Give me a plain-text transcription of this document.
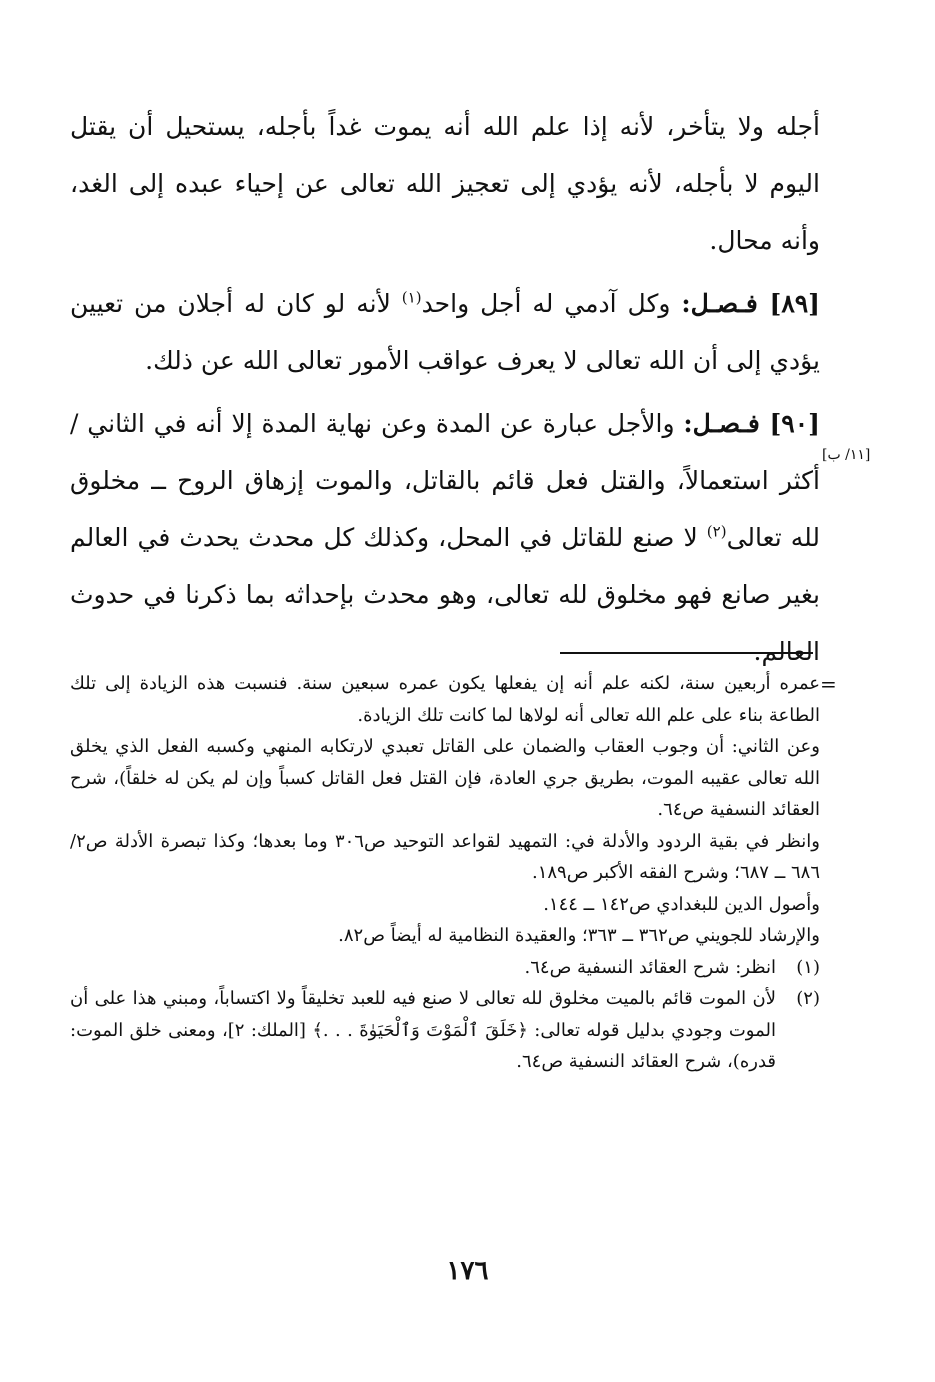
أجله ولا يتأخر، لأنه إذا علم الله أنه يموت غداً بأجله، يستحيل أن يقتل اليوم لا بأجله، لأنه يؤدي إلى تعجيز الله تعالى عن إحياء عبده إلى الغد، وأنه محال.

[٨٩] فـصـل: وكل آدمي له أجل واحد$^{(١)}$ لأنه لو كان له أجلان من تعيين يؤدي إلى أن الله تعالى لا يعرف عواقب الأمور تعالى الله عن ذلك.

[٩٠] فـصـل: والأجل عبارة عن المدة وعن نهاية المدة إلا أنه في الثاني / أكثر استعمالاً، والقتل فعل قائم بالقاتل، والموت إزهاق الروح ــ مخلوق لله تعالى$^{(٢)}$ لا صنع للقاتل في المحل، وكذلك كل محدث يحدث في العالم بغير صانع فهو مخلوق لله تعالى، وهو محدث بإحداثه بما ذكرنا في حدوث العالم.

[١١/ ب]
=

عمره أربعين سنة، لكنه علم أنه إن يفعلها يكون عمره سبعين سنة. فنسبت هذه الزيادة إلى تلك الطاعة بناء على علم الله تعالى أنه لولاها لما كانت تلك الزيادة.

وعن الثاني: أن وجوب العقاب والضمان على القاتل تعبدي لارتكابه المنهي وكسبه الفعل الذي يخلق الله تعالى عقيبه الموت، بطريق جري العادة، فإن القتل فعل القاتل كسباً وإن لم يكن له خلقاً)، شرح العقائد النسفية ص٦٤.

وانظر في بقية الردود والأدلة في: التمهيد لقواعد التوحيد ص٣٠٦ وما بعدها؛ وكذا تبصرة الأدلة ص٢/ ٦٨٦ ــ ٦٨٧؛ وشرح الفقه الأكبر ص١٨٩.

وأصول الدين للبغدادي ص١٤٢ ــ ١٤٤.

والإرشاد للجويني ص٣٦٢ ــ ٣٦٣؛ والعقيدة النظامية له أيضاً ص٨٢.

(١)
انظر: شرح العقائد النسفية ص٦٤.

(٢)
لأن الموت قائم بالميت مخلوق لله تعالى لا صنع فيه للعبد تخليقاً ولا اكتساباً، ومبني هذا على أن الموت وجودي بدليل قوله تعالى: ﴿خَلَقَ ٱلْمَوْتَ وَٱلْحَيَوٰةَ . . .﴾ [الملك: ٢]، ومعنى خلق الموت: قدره)، شرح العقائد النسفية ص٦٤.

١٧٦
